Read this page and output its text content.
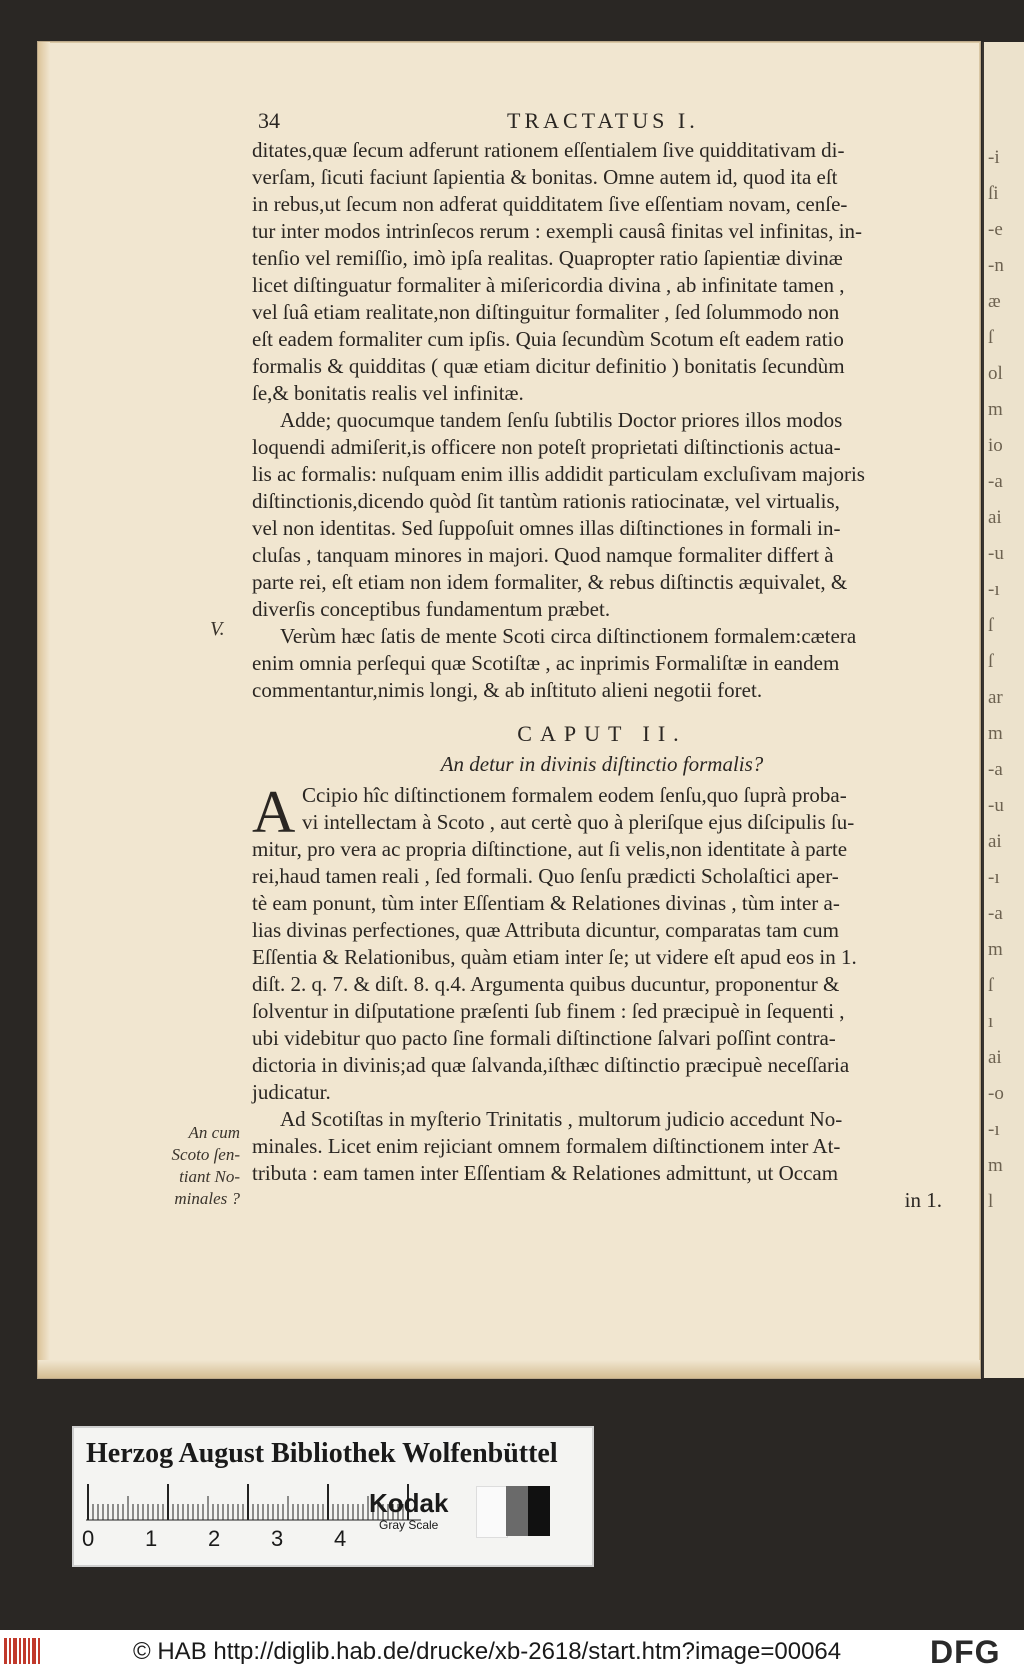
-i
ſi
-e
-n
æ
ſ
ol
m
io
-a
ai
-u
-ı
ſ
ſ
ar
m
-a
-u
ai
-ı
-a
m
ſ
ı
ai
-o
-ı
m
l
34	TRACTATUS I.
ditates,quæ ſecum adferunt rationem eſſentialem ſive quidditativam di-
verſam, ſicuti faciunt ſapientia & bonitas. Omne autem id, quod ita eſt
in rebus,ut ſecum non adferat quidditatem ſive eſſentiam novam, cenſe-
tur inter modos intrinſecos rerum : exempli causâ finitas vel infinitas, in-
tenſio vel remiſſio, imò ipſa realitas. Quapropter ratio ſapientiæ divinæ
licet diſtinguatur formaliter à miſericordia divina , ab infinitate tamen ,
vel ſuâ etiam realitate,non diſtinguitur formaliter , ſed ſolummodo non
eſt eadem formaliter cum ipſis. Quia ſecundùm Scotum eſt eadem ratio
formalis & quidditas ( quæ etiam dicitur definitio ) bonitatis ſecundùm
ſe,& bonitatis realis vel infinitæ.
Adde; quocumque tandem ſenſu ſubtilis Doctor priores illos modos
loquendi admiſerit,is officere non poteſt proprietati diſtinctionis actua-
lis ac formalis: nuſquam enim illis addidit particulam excluſivam majoris
diſtinctionis,dicendo quòd ſit tantùm rationis ratiocinatæ, vel virtualis,
vel non identitas. Sed ſuppoſuit omnes illas diſtinctiones in formali in-
cluſas , tanquam minores in majori. Quod namque formaliter differt à
parte rei, eſt etiam non idem formaliter, & rebus diſtinctis æquivalet, &
diverſis conceptibus fundamentum præbet.
Verùm hæc ſatis de mente Scoti circa diſtinctionem formalem:cætera
enim omnia perſequi quæ Scotiſtæ , ac inprimis Formaliſtæ in eandem
commentantur,nimis longi, & ab inſtituto alieni negotii foret.
CAPUT II.
An detur in divinis diſtinctio formalis?
A Ccipio hîc diſtinctionem formalem eodem ſenſu,quo ſuprà proba-
vi intellectam à Scoto , aut certè quo à pleriſque ejus diſcipulis ſu-
mitur, pro vera ac propria diſtinctione, aut ſi velis,non identitate à parte
rei,haud tamen reali , ſed formali. Quo ſenſu prædicti Scholaſtici aper-
tè eam ponunt, tùm inter Eſſentiam & Relationes divinas , tùm inter a-
lias divinas perfectiones, quæ Attributa dicuntur, comparatas tam cum
Eſſentia & Relationibus, quàm etiam inter ſe; ut videre eſt apud eos in 1.
diſt. 2. q. 7. & diſt. 8. q.4. Argumenta quibus ducuntur, proponentur &
ſolventur in diſputatione præſenti ſub finem : ſed præcipuè in ſequenti ,
ubi videbitur quo pacto ſine formali diſtinctione ſalvari poſſint contra-
dictoria in divinis;ad quæ ſalvanda,iſthæc diſtinctio præcipuè neceſſaria
judicatur.
Ad Scotiſtas in myſterio Trinitatis , multorum judicio accedunt No-
minales. Licet enim rejiciant omnem formalem diſtinctionem inter At-
tributa : eam tamen inter Eſſentiam & Relationes admittunt, ut Occam
in 1.
V.
An cum
Scoto ſen-
tiant No-
minales ?
Herzog August Bibliothek Wolfenbüttel
0 1 2 3 4
Kodak
Gray Scale
© HAB http://diglib.hab.de/drucke/xb-2618/start.htm?image=00064	DFG
